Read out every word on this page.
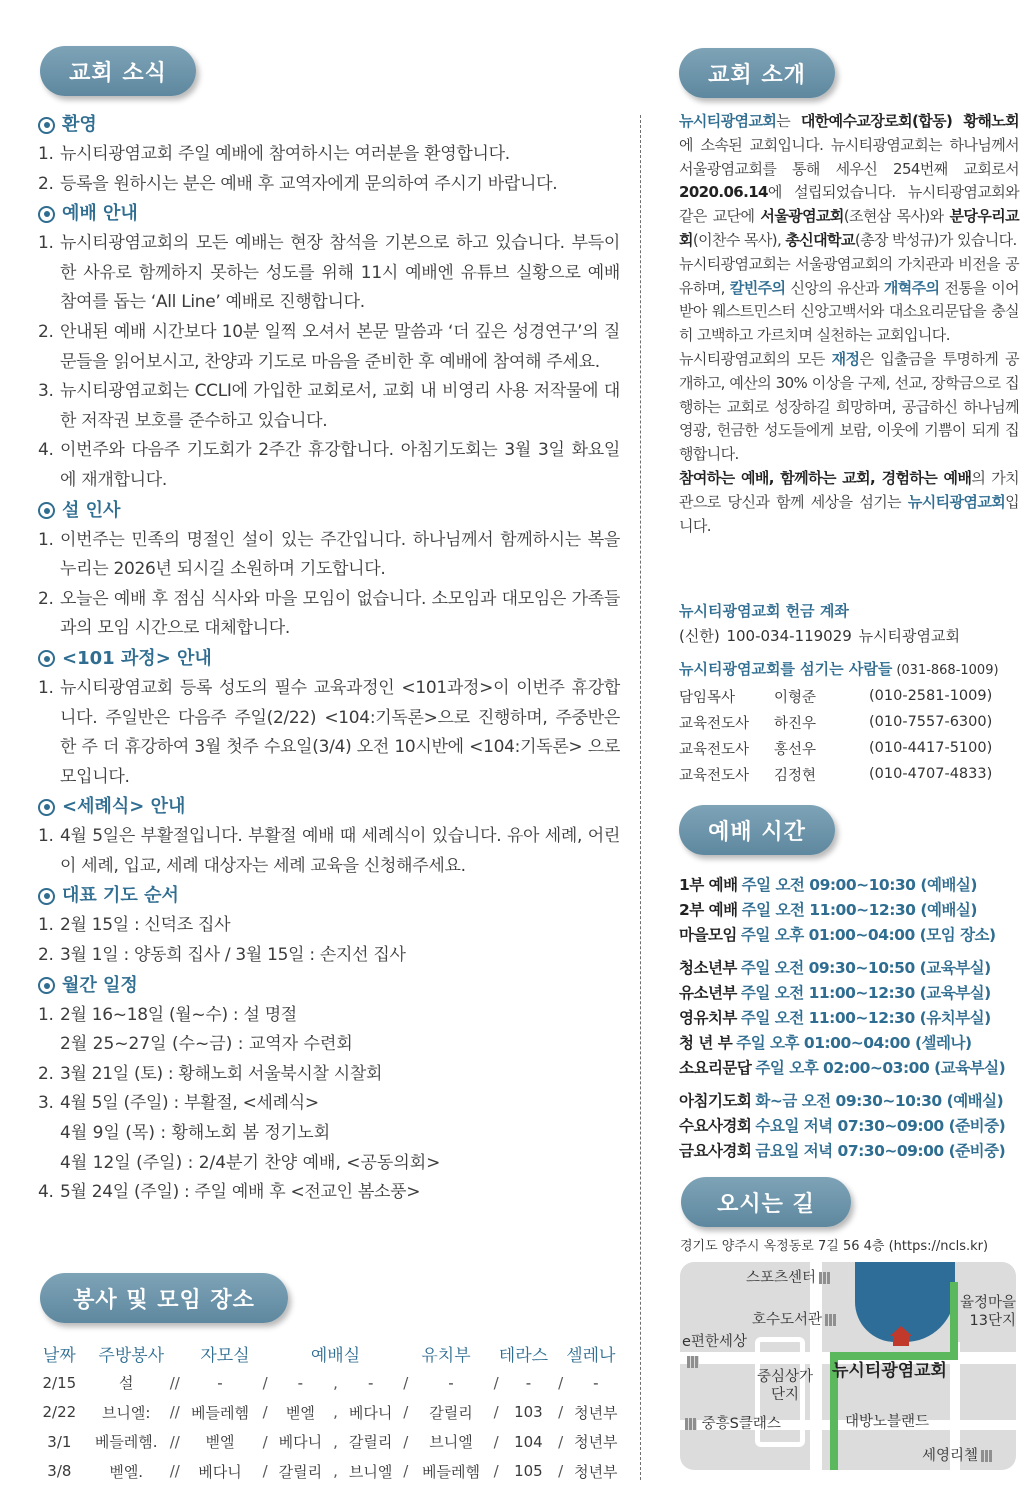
교회 소식
환영
1. 뉴시티광염교회 주일 예배에 참여하시는 여러분을 환영합니다.
2. 등록을 원하시는 분은 예배 후 교역자에게 문의하여 주시기 바랍니다.
예배 안내
1. 뉴시티광염교회의 모든 예배는 현장 참석을 기본으로 하고 있습니다. 부득이한 사유로 함께하지 못하는 성도를 위해 11시 예배엔 유튜브 실황으로 예배 참여를 돕는 ‘All Line’ 예배로 진행합니다.
2. 안내된 예배 시간보다 10분 일찍 오셔서 본문 말씀과 ‘더 깊은 성경연구’의 질문들을 읽어보시고, 찬양과 기도로 마음을 준비한 후 예배에 참여해 주세요.
3. 뉴시티광염교회는 CCLI에 가입한 교회로서, 교회 내 비영리 사용 저작물에 대한 저작권 보호를 준수하고 있습니다.
4. 이번주와 다음주 기도회가 2주간 휴강합니다. 아침기도회는 3월 3일 화요일에 재개합니다.
설 인사
1. 이번주는 민족의 명절인 설이 있는 주간입니다. 하나님께서 함께하시는 복을 누리는 2026년 되시길 소원하며 기도합니다.
2. 오늘은 예배 후 점심 식사와 마을 모임이 없습니다. 소모임과 대모임은 가족들과의 모임 시간으로 대체합니다.
<101 과정> 안내
1. 뉴시티광염교회 등록 성도의 필수 교육과정인 <101과정>이 이번주 휴강합니다. 주일반은 다음주 주일(2/22) <104:기독론>으로 진행하며, 주중반은 한 주 더 휴강하여 3월 첫주 수요일(3/4) 오전 10시반에 <104:기독론> 으로 모입니다.
<세례식> 안내
1. 4월 5일은 부활절입니다. 부활절 예배 때 세례식이 있습니다. 유아 세례, 어린이 세례, 입교, 세례 대상자는 세례 교육을 신청해주세요.
대표 기도 순서
1. 2월 15일 : 신덕조 집사
2. 3월 1일 : 양동희 집사 / 3월 15일 : 손지선 집사
월간 일정
1. 2월 16~18일 (월~수) : 설 명절
2월 25~27일 (수~금) : 교역자 수련회
2. 3월 21일 (토) : 황해노회 서울북시찰 시찰회
3. 4월 5일 (주일) : 부활절, <세례식>
4월 9일 (목) : 황해노회 봄 정기노회
4월 12일 (주일) : 2/4분기 찬양 예배, <공동의회>
4. 5월 24일 (주일) : 주일 예배 후 <전교인 봄소풍>
봉사 및 모임 장소
날짜	주방봉사		자모실		예배실			유치부		테라스		셀레나	
2/15	설	//	-	/	-	,	-	/	-	/	-	/	-
2/22	브니엘:	//	베들레헴	/	벧엘	,	베다니	/	갈릴리	/	103	/	청년부
3/1	베들레헴.	//	벧엘	/	베다니	,	갈릴리	/	브니엘	/	104	/	청년부
3/8	벧엘.	//	베다니	/	갈릴리	,	브니엘	/	베들레헴	/	105	/	청년부
교회 소개
뉴시티광염교회는 대한예수교장로회(합동) 황해노회에 소속된 교회입니다. 뉴시티광염교회는 하나님께서 서울광염교회를 통해 세우신 254번째 교회로서 2020.06.14에 설립되었습니다. 뉴시티광염교회와 같은 교단에 서울광염교회(조현삼 목사)와 분당우리교회(이찬수 목사), 총신대학교(총장 박성규)가 있습니다.
뉴시티광염교회는 서울광염교회의 가치관과 비전을 공유하며, 칼빈주의 신앙의 유산과 개혁주의 전통을 이어받아 웨스트민스터 신앙고백서와 대소요리문답을 충실히 고백하고 가르치며 실천하는 교회입니다.
뉴시티광염교회의 모든 재정은 입출금을 투명하게 공개하고, 예산의 30% 이상을 구제, 선교, 장학금으로 집행하는 교회로 성장하길 희망하며, 공급하신 하나님께 영광, 헌금한 성도들에게 보람, 이웃에 기쁨이 되게 집행합니다.
참여하는 예배, 함께하는 교회, 경험하는 예배의 가치관으로 당신과 함께 세상을 섬기는 뉴시티광염교회입니다.
뉴시티광염교회 헌금 계좌
(신한) 100-034-119029 뉴시티광염교회
뉴시티광염교회를 섬기는 사람들 (031-868-1009)
담임목사	이형준	(010-2581-1009)
교육전도사	하진우	(010-7557-6300)
교육전도사	홍선우	(010-4417-5100)
교육전도사	김정현	(010-4707-4833)
예배 시간
1부 예배 주일 오전 09:00~10:30 (예배실)
2부 예배 주일 오전 11:00~12:30 (예배실)
마을모임 주일 오후 01:00~04:00 (모임 장소)
청소년부 주일 오전 09:30~10:50 (교육부실)
유소년부 주일 오전 11:00~12:30 (교육부실)
영유치부 주일 오전 11:00~12:30 (유치부실)
청 년 부 주일 오후 01:00~04:00 (셀레나)
소요리문답 주일 오후 02:00~03:00 (교육부실)
아침기도회 화~금 오전 09:30~10:30 (예배실)
수요사경회 수요일 저녁 07:30~09:00 (준비중)
금요사경회 금요일 저녁 07:30~09:00 (준비중)
오시는 길
경기도 양주시 옥정동로 7길 56 4층 (https://ncls.kr)
스포츠센터
호수도서관
e편한세상
중심상가 단지
뉴시티광염교회
율정마을 13단지
중흥S클래스	대방노블랜드
세영리첼
